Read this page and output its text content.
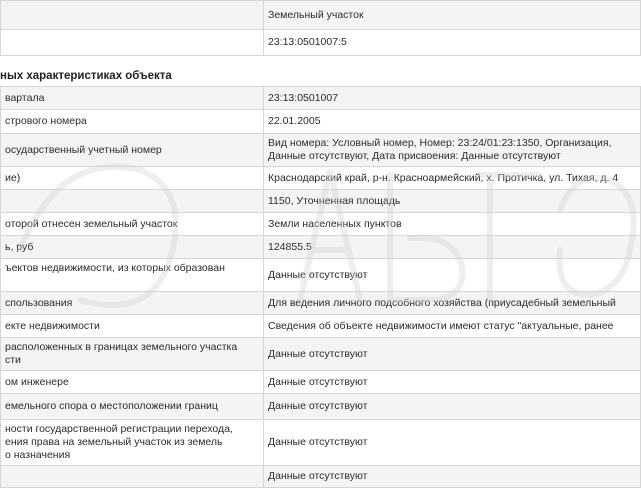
	Земельный участок
	23:13:0501007:5
ных характеристиках объекта
вартала	23:13:0501007
стрового номера	22.01.2005
осударственный учетный номер	Вид номера: Условный номер, Номер: 23:24/01:23:1350, Организация,
Данные отсутствуют, Дата присвоения: Данные отсутствуют

ие)	Краснодарский край, р-н. Красноармейский, х. Протичка, ул. Тихая, д. 4
	1150, Уточненная площадь
оторой отнесен земельный участок	Земли населенных пунктов
ь, руб	124855.5

ъектов недвижимости, из которых образован	Данные отсутствуют
спользования	Для ведения личного подсобного хозяйства (приусадебный земельный
екте недвижимости	Сведения об объекте недвижимости имеют статус "актуальные, ранее

расположенных в границах земельного участка
сти	Данные отсутствуют
ом инженере	Данные отсутствуют
емельного спора о местоположении границ	Данные отсутствуют

ности государственной регистрации перехода,
ения права на земельный участок из земель
о назначения	Данные отсутствуют
	Данные отсутствуют
